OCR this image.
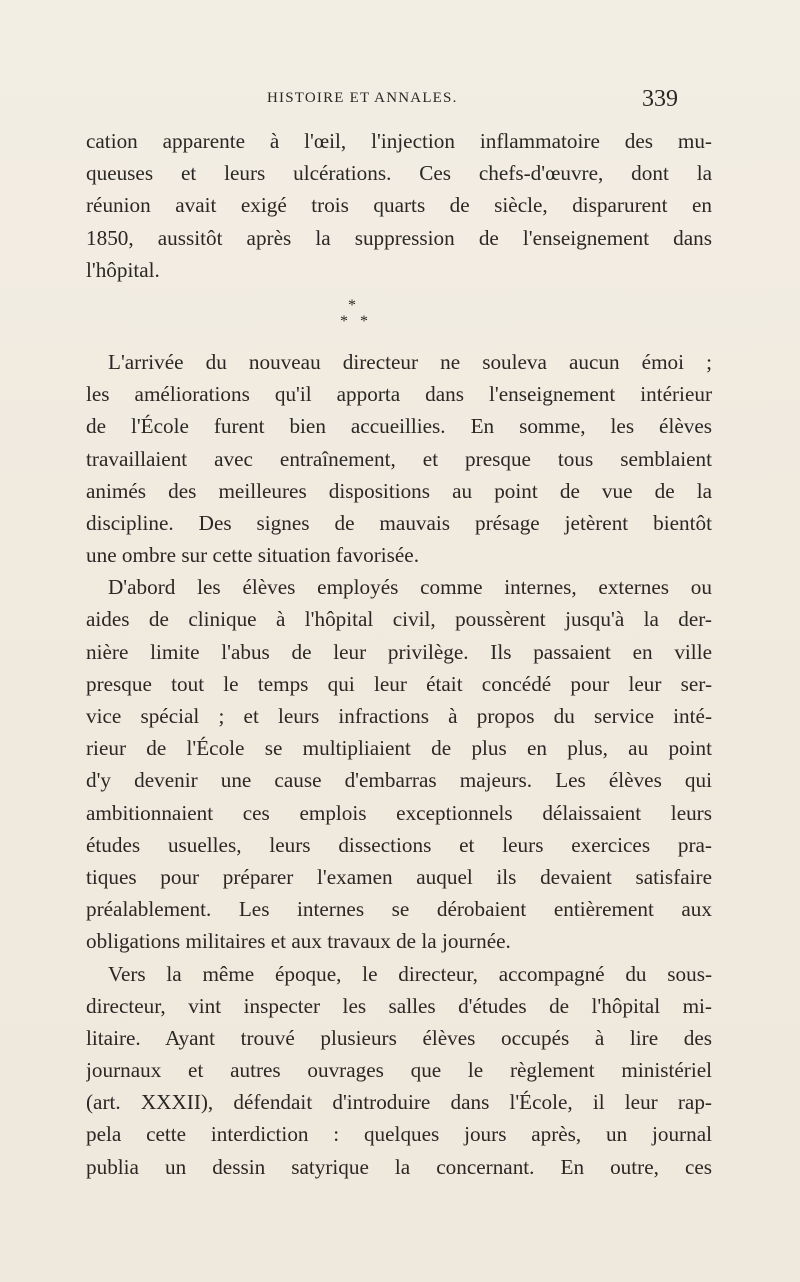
HISTOIRE ET ANNALES.	339
cation apparente à l'œil, l'injection inflammatoire des mu-
queuses et leurs ulcérations. Ces chefs-d'œuvre, dont la
réunion avait exigé trois quarts de siècle, disparurent en
1850, aussitôt après la suppression de l'enseignement dans
l'hôpital.
*
* *
L'arrivée du nouveau directeur ne souleva aucun émoi ;
les améliorations qu'il apporta dans l'enseignement intérieur
de l'École furent bien accueillies. En somme, les élèves
travaillaient avec entraînement, et presque tous semblaient
animés des meilleures dispositions au point de vue de la
discipline. Des signes de mauvais présage jetèrent bientôt
une ombre sur cette situation favorisée.
D'abord les élèves employés comme internes, externes ou
aides de clinique à l'hôpital civil, poussèrent jusqu'à la der-
nière limite l'abus de leur privilège. Ils passaient en ville
presque tout le temps qui leur était concédé pour leur ser-
vice spécial ; et leurs infractions à propos du service inté-
rieur de l'École se multipliaient de plus en plus, au point
d'y devenir une cause d'embarras majeurs. Les élèves qui
ambitionnaient ces emplois exceptionnels délaissaient leurs
études usuelles, leurs dissections et leurs exercices pra-
tiques pour préparer l'examen auquel ils devaient satisfaire
préalablement. Les internes se dérobaient entièrement aux
obligations militaires et aux travaux de la journée.
Vers la même époque, le directeur, accompagné du sous-
directeur, vint inspecter les salles d'études de l'hôpital mi-
litaire. Ayant trouvé plusieurs élèves occupés à lire des
journaux et autres ouvrages que le règlement ministériel
(art. XXXII), défendait d'introduire dans l'École, il leur rap-
pela cette interdiction : quelques jours après, un journal
publia un dessin satyrique la concernant. En outre, ces
